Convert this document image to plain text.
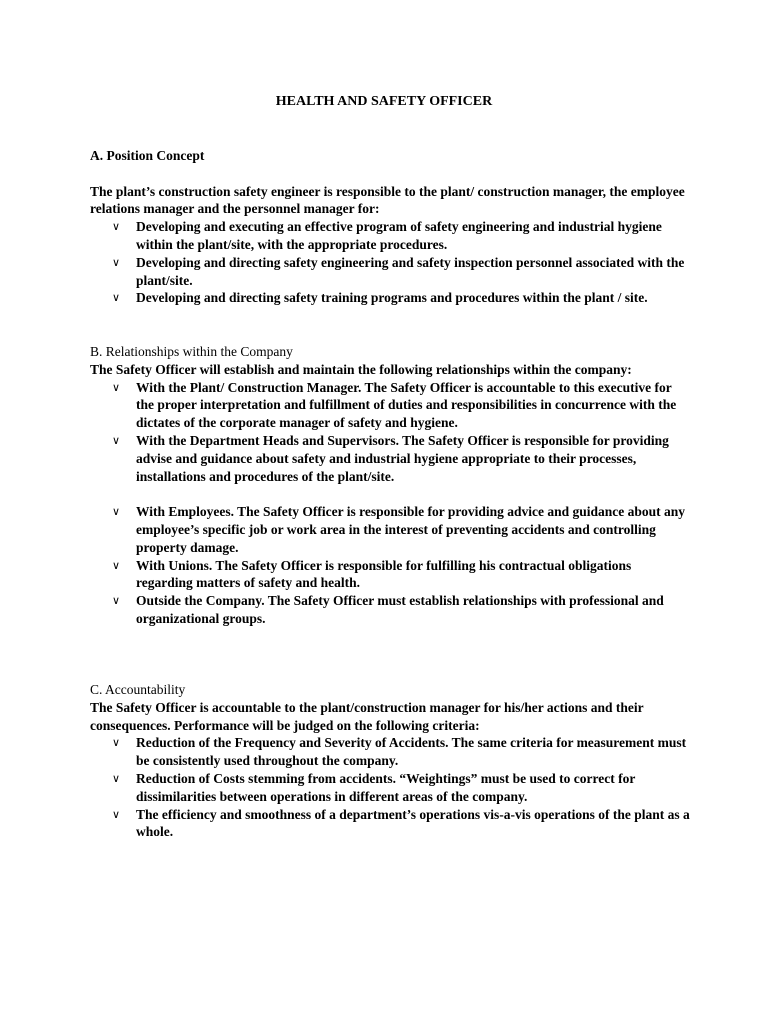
HEALTH AND SAFETY OFFICER
A. Position Concept

The plant’s construction safety engineer is responsible to the plant/ construction manager, the employee relations manager and the personnel manager for:

∨ Developing and executing an effective program of safety engineering and industrial hygiene within the plant/site, with the appropriate procedures.
∨ Developing and directing safety engineering and safety inspection personnel associated with the plant/site.
∨ Developing and directing safety training programs and procedures within the plant / site.
B. Relationships within the Company

The Safety Officer will establish and maintain the following relationships within the company:

∨ With the Plant/ Construction Manager. The Safety Officer is accountable to this executive for the proper interpretation and fulfillment of duties and responsibilities in concurrence with the dictates of the corporate manager of safety and hygiene.
∨ With the Department Heads and Supervisors. The Safety Officer is responsible for providing advise and guidance about safety and industrial hygiene appropriate to their processes, installations and procedures of the plant/site.
∨ With Employees. The Safety Officer is responsible for providing advice and guidance about any employee’s specific job or work area in the interest of preventing accidents and controlling property damage.
∨ With Unions. The Safety Officer is responsible for fulfilling his contractual obligations regarding matters of safety and health.
∨ Outside the Company. The Safety Officer must establish relationships with professional and organizational groups.
C. Accountability

The Safety Officer is accountable to the plant/construction manager for his/her actions and their consequences. Performance will be judged on the following criteria:

∨ Reduction of the Frequency and Severity of Accidents. The same criteria for measurement must be consistently used throughout the company.
∨ Reduction of Costs stemming from accidents. “Weightings” must be used to correct for dissimilarities between operations in different areas of the company.
∨ The efficiency and smoothness of a department’s operations vis-a-vis operations of the plant as a whole.
